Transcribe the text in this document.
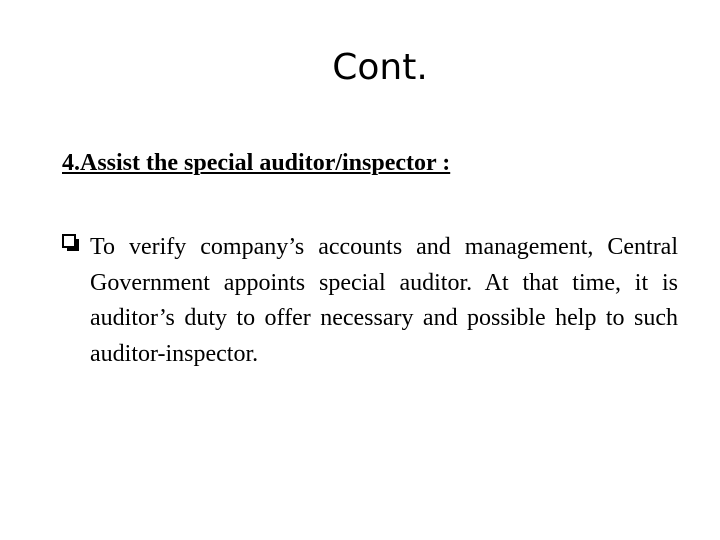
Cont.
4.Assist the special auditor/inspector :

To verify company’s accounts and management, Central Government appoints special auditor. At that time, it is auditor’s duty to offer necessary and possible help to such auditor-inspector.
